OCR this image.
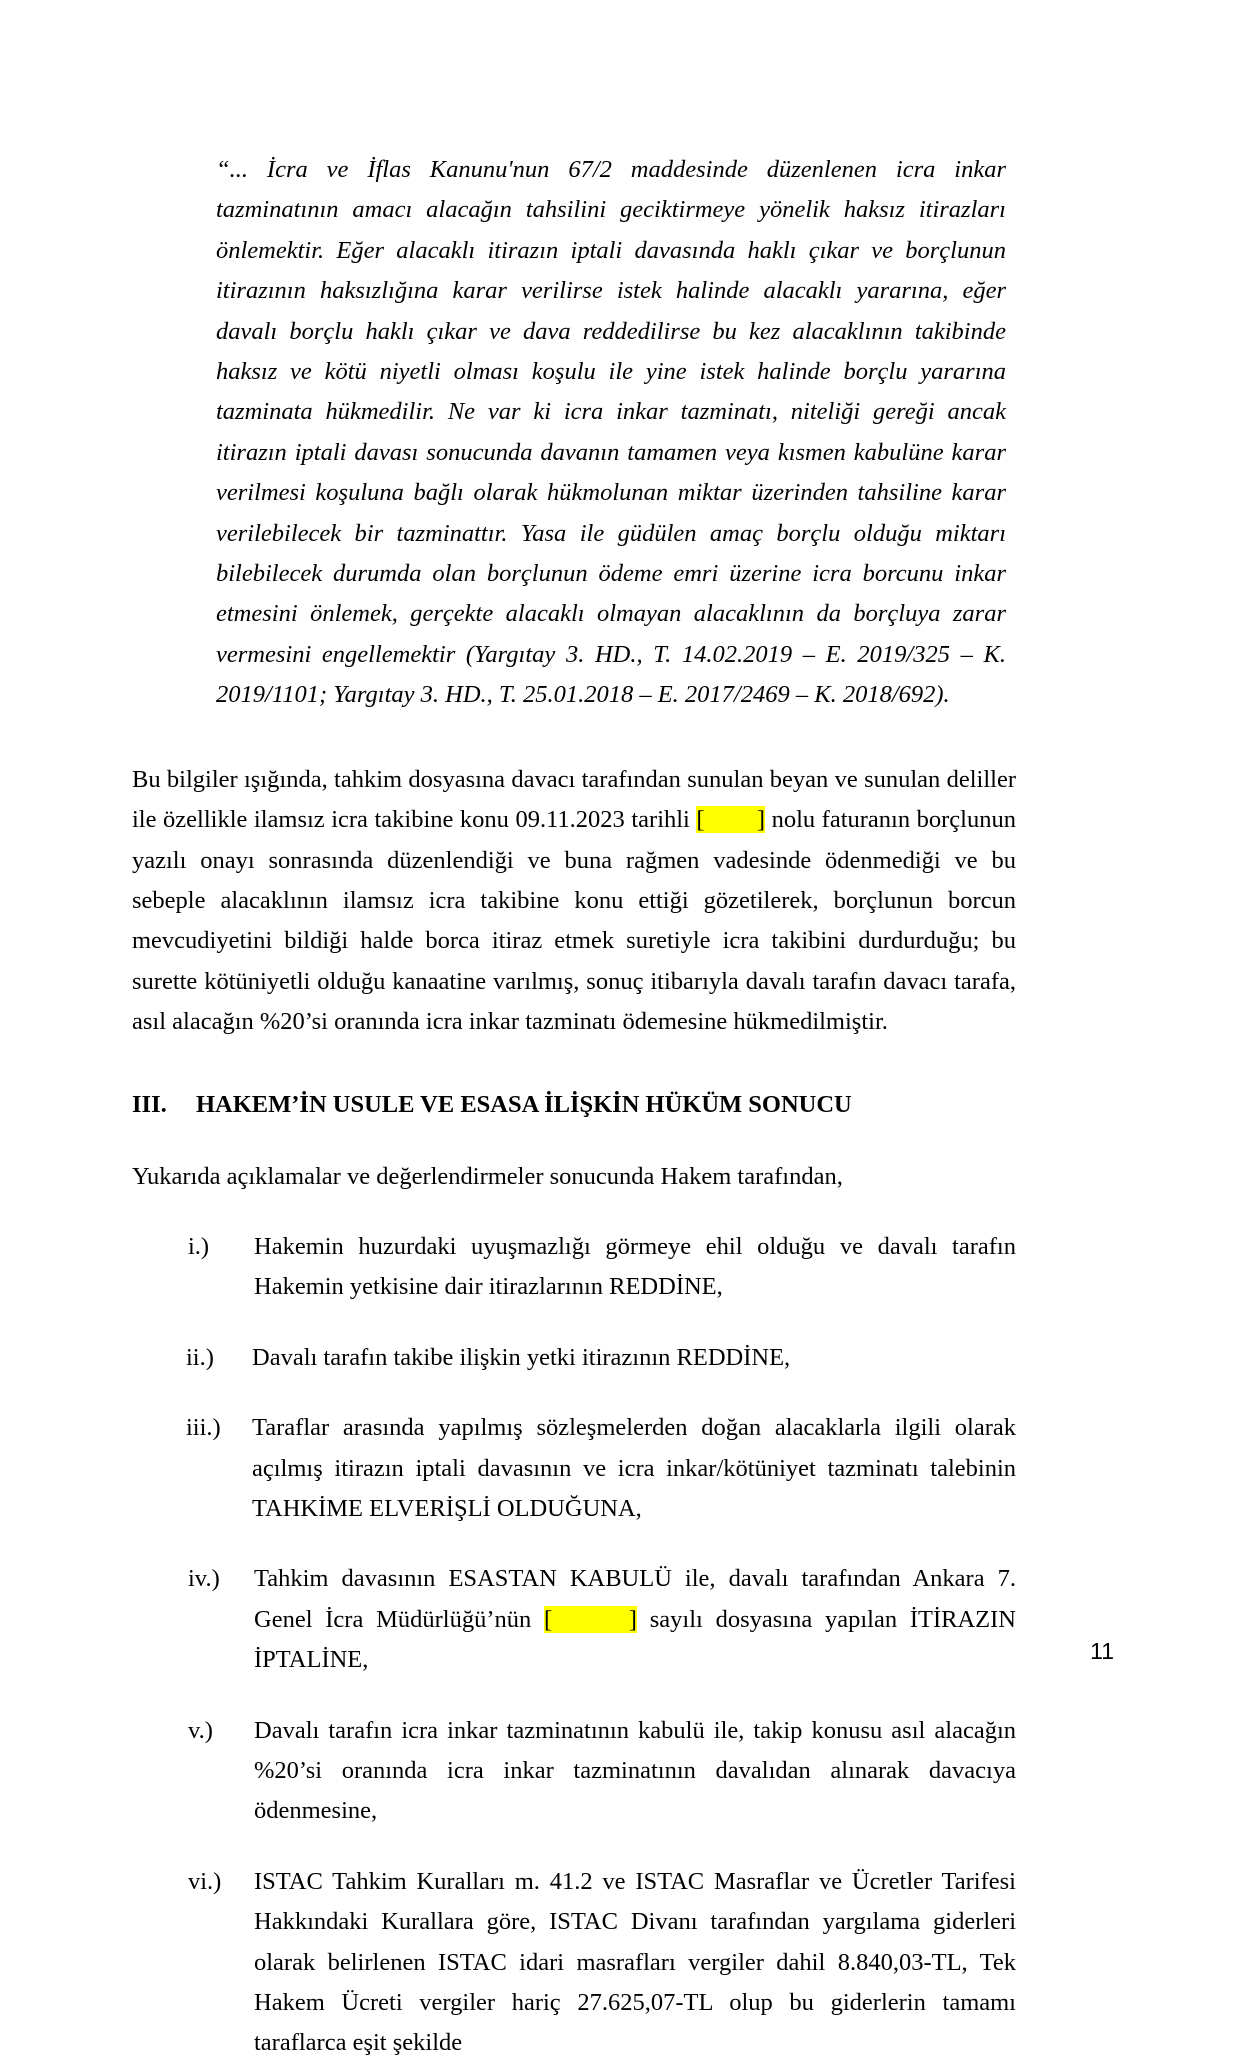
“... İcra ve İflas Kanunu'nun 67/2 maddesinde düzenlenen icra inkar tazminatının amacı alacağın tahsilini geciktirmeye yönelik haksız itirazları önlemektir. Eğer alacaklı itirazın iptali davasında haklı çıkar ve borçlunun itirazının haksızlığına karar verilirse istek halinde alacaklı yararına, eğer davalı borçlu haklı çıkar ve dava reddedilirse bu kez alacaklının takibinde haksız ve kötü niyetli olması koşulu ile yine istek halinde borçlu yararına tazminata hükmedilir. Ne var ki icra inkar tazminatı, niteliği gereği ancak itirazın iptali davası sonucunda davanın tamamen veya kısmen kabulüne karar verilmesi koşuluna bağlı olarak hükmolunan miktar üzerinden tahsiline karar verilebilecek bir tazminattır. Yasa ile güdülen amaç borçlu olduğu miktarı bilebilecek durumda olan borçlunun ödeme emri üzerine icra borcunu inkar etmesini önlemek, gerçekte alacaklı olmayan alacaklının da borçluya zarar vermesini engellemektir (Yargıtay 3. HD., T. 14.02.2019 – E. 2019/325 – K. 2019/1101; Yargıtay 3. HD., T. 25.01.2018 – E. 2017/2469 – K. 2018/692).

Bu bilgiler ışığında, tahkim dosyasına davacı tarafından sunulan beyan ve sunulan deliller ile özellikle ilamsız icra takibine konu 09.11.2023 tarihli [        ] nolu faturanın borçlunun yazılı onayı sonrasında düzenlendiği ve buna rağmen vadesinde ödenmediği ve bu sebeple alacaklının ilamsız icra takibine konu ettiği gözetilerek, borçlunun borcun mevcudiyetini bildiği halde borca itiraz etmek suretiyle icra takibini durdurduğu; bu surette kötüniyetli olduğu kanaatine varılmış, sonuç itibarıyla davalı tarafın davacı tarafa, asıl alacağın %20’si oranında icra inkar tazminatı ödemesine hükmedilmiştir.

III.	HAKEM’İN USULE VE ESASA İLİŞKİN HÜKÜM SONUCU

Yukarıda açıklamalar ve değerlendirmeler sonucunda Hakem tarafından,

i.)	Hakemin huzurdaki uyuşmazlığı görmeye ehil olduğu ve davalı tarafın Hakemin yetkisine dair itirazlarının REDDİNE,
ii.)	Davalı tarafın takibe ilişkin yetki itirazının REDDİNE,
iii.)	Taraflar arasında yapılmış sözleşmelerden doğan alacaklarla ilgili olarak açılmış itirazın iptali davasının ve icra inkar/kötüniyet tazminatı talebinin TAHKİME ELVERİŞLİ OLDUĞUNA,
iv.)	Tahkim davasının ESASTAN KABULÜ ile, davalı tarafından Ankara 7. Genel İcra Müdürlüğü’nün [      ] sayılı dosyasına yapılan İTİRAZIN İPTALİNE,
v.)	Davalı tarafın icra inkar tazminatının kabulü ile, takip konusu asıl alacağın %20’si oranında icra inkar tazminatının davalıdan alınarak davacıya ödenmesine,
vi.)	ISTAC Tahkim Kuralları m. 41.2 ve ISTAC Masraflar ve Ücretler Tarifesi Hakkındaki Kurallara göre, ISTAC Divanı tarafından yargılama giderleri olarak belirlenen ISTAC idari masrafları vergiler dahil 8.840,03-TL, Tek Hakem Ücreti vergiler hariç 27.625,07-TL olup bu giderlerin tamamı taraflarca eşit şekilde
11
